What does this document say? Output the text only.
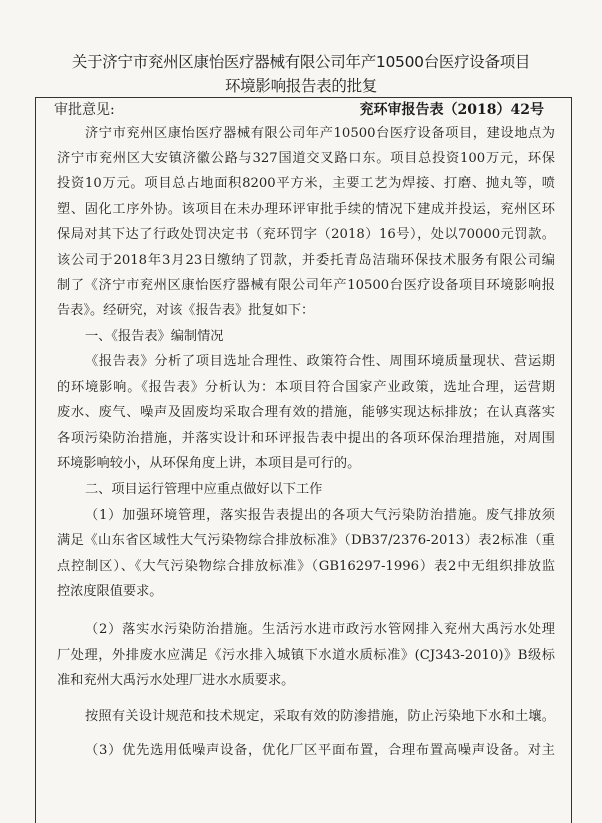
关于济宁市兖州区康怡医疗器械有限公司年产10500台医疗设备项目
环境影响报告表的批复
审批意见:	兖环审报告表（2018）42号
济宁市兖州区康怡医疗器械有限公司年产10500台医疗设备项目，建设地点为
济宁市兖州区大安镇济徽公路与327国道交叉路口东。项目总投资100万元，环保
投资10万元。项目总占地面积8200平方米，主要工艺为焊接、打磨、抛丸等，喷
塑、固化工序外协。该项目在未办理环评审批手续的情况下建成并投运，兖州区环
保局对其下达了行政处罚决定书（兖环罚字（2018）16号），处以70000元罚款。
该公司于2018年3月23日缴纳了罚款，并委托青岛洁瑞环保技术服务有限公司编
制了《济宁市兖州区康怡医疗器械有限公司年产10500台医疗设备项目环境影响报
告表》。经研究，对该《报告表》批复如下：
一、《报告表》编制情况
《报告表》分析了项目选址合理性、政策符合性、周围环境质量现状、营运期
的环境影响。《报告表》分析认为：本项目符合国家产业政策，选址合理，运营期
废水、废气、噪声及固废均采取合理有效的措施，能够实现达标排放；在认真落实
各项污染防治措施，并落实设计和环评报告表中提出的各项环保治理措施，对周围
环境影响较小，从环保角度上讲，本项目是可行的。
二、项目运行管理中应重点做好以下工作
（1）加强环境管理，落实报告表提出的各项大气污染防治措施。废气排放须
满足《山东省区域性大气污染物综合排放标准》（DB37/2376-2013）表2标准（重
点控制区）、《大气污染物综合排放标准》（GB16297-1996）表2中无组织排放监
控浓度限值要求。
（2）落实水污染防治措施。生活污水进市政污水管网排入兖州大禹污水处理
厂处理，外排废水应满足《污水排入城镇下水道水质标准》(CJ343-2010)》B级标
准和兖州大禹污水处理厂进水水质要求。
按照有关设计规范和技术规定，采取有效的防渗措施，防止污染地下水和土壤。
（3）优先选用低噪声设备，优化厂区平面布置，合理布置高噪声设备。对主
